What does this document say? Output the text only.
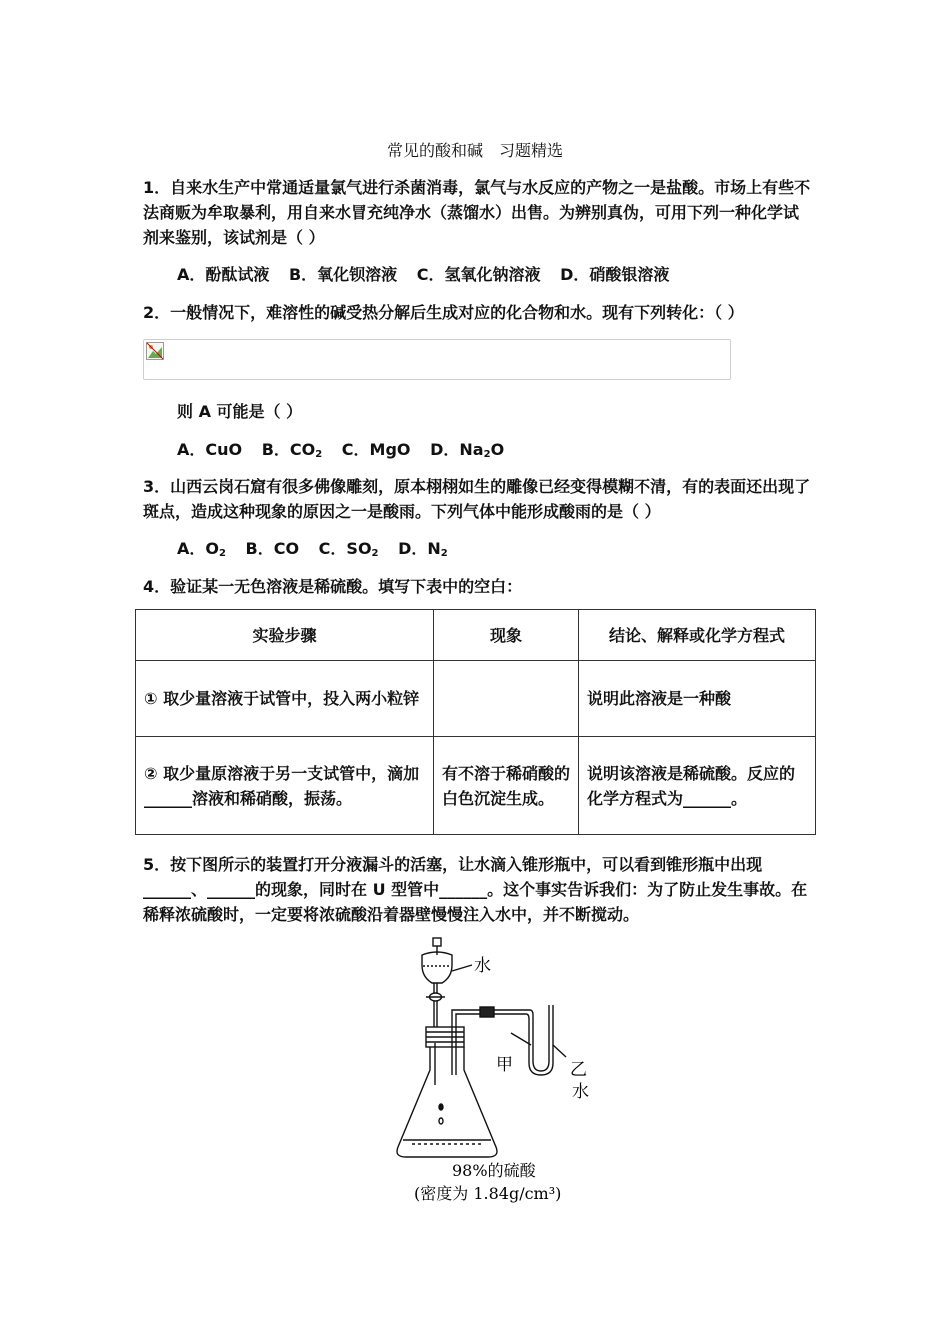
常见的酸和碱　习题精选
1．自来水生产中常通适量氯气进行杀菌消毒，氯气与水反应的产物之一是盐酸。市场上有些不法商贩为牟取暴利，用自来水冒充纯净水（蒸馏水）出售。为辨别真伪，可用下列一种化学试剂来鉴别，该试剂是（ ）
A．酚酞试液 B．氧化钡溶液 C．氢氧化钠溶液 D．硝酸银溶液
2．一般情况下，难溶性的碱受热分解后生成对应的化合物和水。现有下列转化：（ ）
则 A 可能是（ ）
A．CuO B．$CO_2$ C．MgO D．$Na_2O$
3．山西云岗石窟有很多佛像雕刻，原本栩栩如生的雕像已经变得模糊不清，有的表面还出现了斑点，造成这种现象的原因之一是酸雨。下列气体中能形成酸雨的是（ ）
A．$O_2$ B．CO C．$SO_2$ D．$N_2$
4．验证某一无色溶液是稀硫酸。填写下表中的空白：
实验步骤	现象	结论、解释或化学方程式
① 取少量溶液于试管中，投入两小粒锌		说明此溶液是一种酸
② 取少量原溶液于另一支试管中，滴加______溶液和稀硝酸，振荡。	有不溶于稀硝酸的白色沉淀生成。	说明该溶液是稀硫酸。反应的化学方程式为______。
5．按下图所示的装置打开分液漏斗的活塞，让水滴入锥形瓶中，可以看到锥形瓶中出现______、______的现象，同时在 U 型管中______。这个事实告诉我们：为了防止发生事故。在稀释浓硫酸时，一定要将浓硫酸沿着器壁慢慢注入水中，并不断搅动。
水
甲	乙
水
98%的硫酸
(密度为 1.84g/cm³)
